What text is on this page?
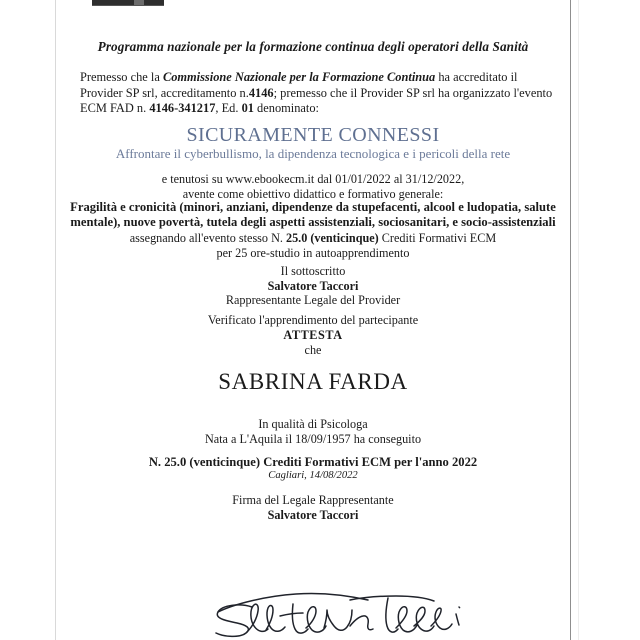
Programma nazionale per la formazione continua degli operatori della Sanità
Premesso che la Commissione Nazionale per la Formazione Continua ha accreditato il Provider SP srl, accreditamento n.4146; premesso che il Provider SP srl ha organizzato l'evento ECM FAD n. 4146-341217, Ed. 01 denominato:
SICURAMENTE CONNESSI
Affrontare il cyberbullismo, la dipendenza tecnologica e i pericoli della rete
e tenutosi su www.ebookecm.it dal 01/01/2022 al 31/12/2022,
avente come obiettivo didattico e formativo generale:
Fragilità e cronicità (minori, anziani, dipendenze da stupefacenti, alcool e ludopatia, salute mentale), nuove povertà, tutela degli aspetti assistenziali, sociosanitari, e socio-assistenziali
assegnando all'evento stesso N. 25.0 (venticinque) Crediti Formativi ECM
per 25 ore-studio in autoapprendimento
Il sottoscritto
Salvatore Taccori
Rappresentante Legale del Provider
Verificato l'apprendimento del partecipante
ATTESTA
che
SABRINA FARDA
In qualità di Psicologa
Nata a L'Aquila il 18/09/1957 ha conseguito
N. 25.0 (venticinque) Crediti Formativi ECM per l'anno 2022
Cagliari, 14/08/2022
Firma del Legale Rappresentante
Salvatore Taccori
